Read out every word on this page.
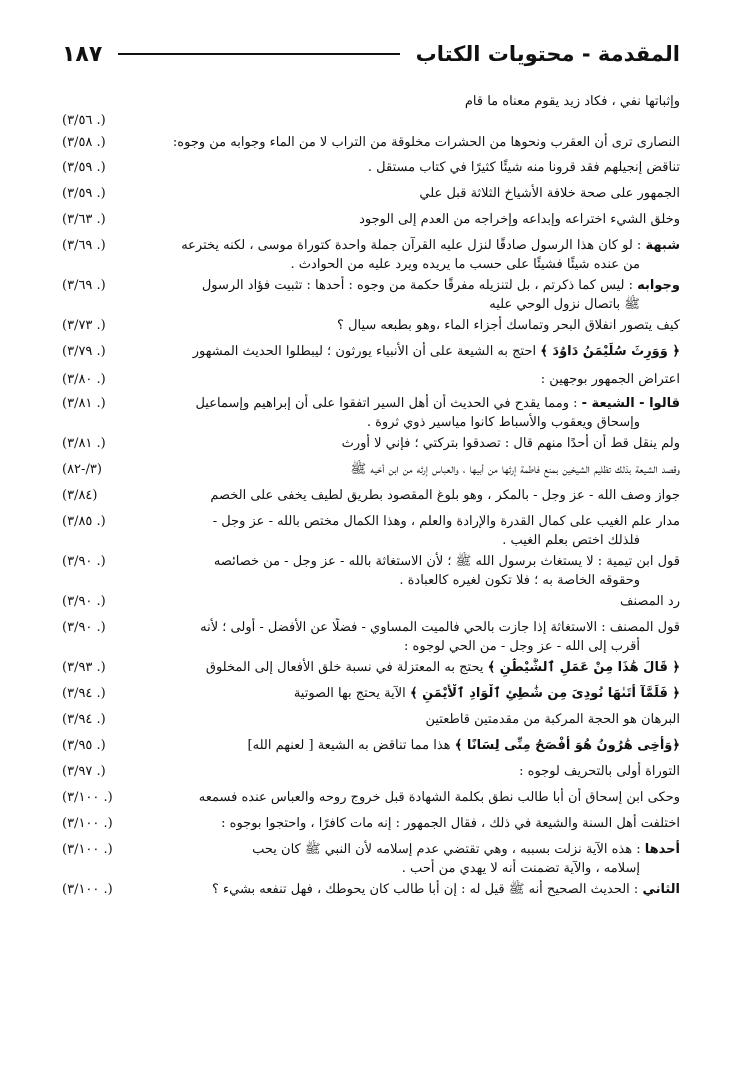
المقدمة - محتويات الكتاب
١٨٧
وإثباتها نفي ، فكاد زيد يقوم معناه ما قام
(٣/٥٦ .)
النصارى ترى أن العقرب ونحوها من الحشرات مخلوقة من التراب لا من الماء وجوابه من وجوه:
(٣/٥٨ .)
تناقض إنجيلهم فقد قرونا منه شيئًا كثيرًا في كتاب مستقل .
(٣/٥٩ .)
الجمهور على صحة خلافة الأشياخ الثلاثة قبل علي
(٣/٥٩ .)
وخلق الشيء اختراعه وإبداعه وإخراجه من العدم إلى الوجود
(٣/٦٣ .)
شبهة : لو كان هذا الرسول صادقًا لنزل عليه القرآن جملة واحدة كتوراة موسى ، لكنه يخترعه
من عنده شيئًا فشيئًا على حسب ما يريده ويرد عليه من الحوادث .
(٣/٦٩ .)
وجوابه : ليس كما ذكرتم ، بل لتنزيله مفرقًا حكمة من وجوه : أحدها : تثبيت فؤاد الرسول
ﷺ باتصال نزول الوحي عليه
(٣/٦٩ .)
كيف يتصور انفلاق البحر وتماسك أجزاء الماء ،وهو بطبعه سيال ؟
(٣/٧٣ .)
﴿ وَوَرِثَ سُلَيْمَنُ دَاوُدَ ﴾ احتج به الشيعة على أن الأنبياء يورثون ؛ ليبطلوا الحديث المشهور
(٣/٧٩ .)
اعتراض الجمهور بوجهين :
(٣/٨٠ .)
قالوا - الشيعة - : ومما يقدح في الحديث أن أهل السير اتفقوا على أن إبراهيم وإسماعيل
وإسحاق ويعقوب والأسباط كانوا مياسير ذوي ثروة .
(٣/٨١ .)
ولم ينقل قط أن أحدًا منهم قال : تصدقوا بتركتي ؛ فإني لا أورث
(٣/٨١ .)
وقصد الشيعة بذلك تظليم الشيخين بمنع فاطمة إرثها من أبيها ، والعباس إرثه من ابن أخيه ﷺ
(٣/-٨٢)
جواز وصف الله - عز وجل - بالمكر ، وهو بلوغ المقصود بطريق لطيف يخفى على الخصم
(٣/٨٤)
مدار علم الغيب على كمال القدرة والإرادة والعلم ، وهذا الكمال مختص بالله - عز وجل -
فلذلك اختص بعلم الغيب .
(٣/٨٥ .)
قول ابن تيمية : لا يستغاث برسول الله ﷺ ؛ لأن الاستغاثة بالله - عز وجل - من خصائصه
وحقوقه الخاصة به ؛ فلا تكون لغيره كالعبادة .
(٣/٩٠ .)
رد المصنف
(٣/٩٠ .)
قول المصنف : الاستغاثة إذا جازت بالحي فالميت المساوي - فضلًا عن الأفضل - أولى ؛ لأنه
أقرب إلى الله - عز وجل - من الحي لوجوه :
(٣/٩٠ .)
﴿ قَالَ هَٰذَا مِنْ عَمَلِ ٱلشَّيْطَٰنِ ﴾ يحتج به المعتزلة في نسبة خلق الأفعال إلى المخلوق
(٣/٩٣ .)
﴿ فَلَمَّآ أَتَىٰهَا نُودِىَ مِن شَٰطِئِ ٱلْوَادِ ٱلْأَيْمَنِ ﴾ الآية يحتج بها الصوتية
(٣/٩٤ .)
البرهان هو الحجة المركبة من مقدمتين قاطعتين
(٣/٩٤ .)
﴿وَأَخِى هَٰرُونُ هُوَ أَفْصَحُ مِنِّى لِسَانًا ﴾ هذا مما تناقض به الشيعة [ لعنهم الله]
(٣/٩٥ .)
التوراة أولى بالتحريف لوجوه :
(٣/٩٧ .)
وحكى ابن إسحاق أن أبا طالب نطق بكلمة الشهادة قبل خروج روحه والعباس عنده فسمعه
(٣/١٠٠ .)
اختلفت أهل السنة والشيعة في ذلك ، فقال الجمهور : إنه مات كافرًا ، واحتجوا بوجوه :
(٣/١٠٠ .)
أحدها : هذه الآية نزلت بسببه ، وهي تقتضي عدم إسلامه لأن النبي ﷺ كان يحب
إسلامه ، والآية تضمنت أنه لا يهدي من أحب .
(٣/١٠٠ .)
الثاني : الحديث الصحيح أنه ﷺ قيل له : إن أبا طالب كان يحوطك ، فهل تنفعه بشيء ؟
(٣/١٠٠ .)
